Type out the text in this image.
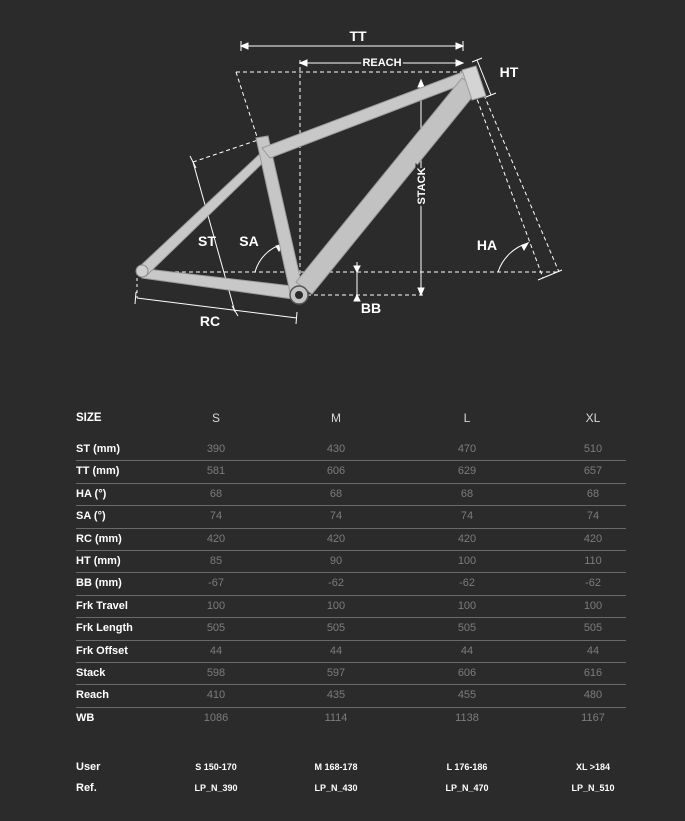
TT
REACH
HT
STACK
ST SA	HA
BB
RC
SIZE	S	M	L	XL
ST (mm)	390	430	470	510
TT (mm)	581	606	629	657
HA (°)	68	68	68	68
SA (°)	74	74	74	74
RC (mm)	420	420	420	420
HT (mm)	85	90	100	110
BB (mm)	-67	-62	-62	-62
Frk Travel	100	100	100	100
Frk Length	505	505	505	505
Frk Offset	44	44	44	44
Stack	598	597	606	616
Reach	410	435	455	480
WB	1086	1114	1138	1167
User	S 150-170	M 168-178	L 176-186	XL >184
Ref.	LP_N_390	LP_N_430	LP_N_470	LP_N_510
